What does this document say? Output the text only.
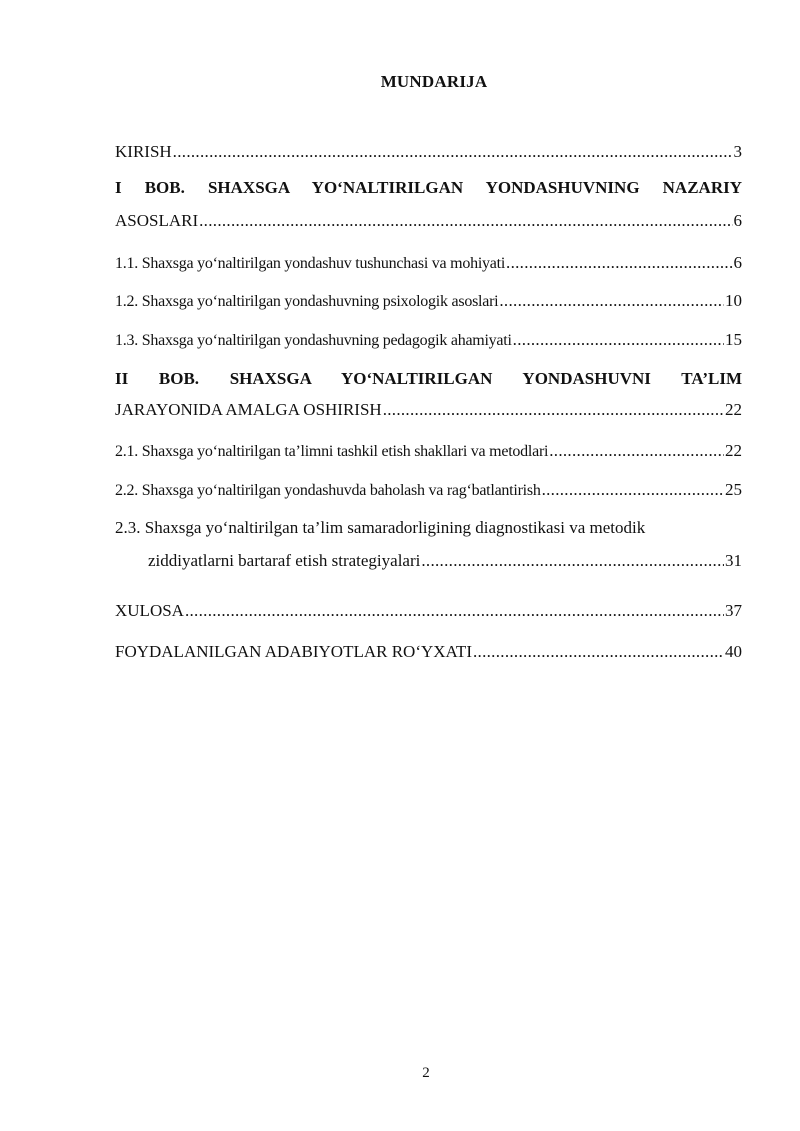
MUNDARIJA
KIRISH .....	3
I BOB. SHAXSGA YO‘NALTIRILGAN YONDASHUVNING NAZARIY
ASOSLARI .....	6
1.1. Shaxsga yo‘naltirilgan yondashuv tushunchasi va mohiyati .....	6
1.2. Shaxsga yo‘naltirilgan yondashuvning psixologik asoslari .....	10
1.3. Shaxsga yo‘naltirilgan yondashuvning pedagogik ahamiyati .....	15
II BOB. SHAXSGA YO‘NALTIRILGAN YONDASHUVNI TA’LIM
JARAYONIDA AMALGA OSHIRISH .....	22
2.1. Shaxsga yo‘naltirilgan ta’limni tashkil etish shakllari va metodlari .....	22
2.2. Shaxsga yo‘naltirilgan yondashuvda baholash va rag‘batlantirish .....	25
2.3. Shaxsga yo‘naltirilgan ta’lim samaradorligining diagnostikasi va metodik
ziddiyatlarni bartaraf etish strategiyalari .....	31
XULOSA .....	37
FOYDALANILGAN ADABIYOTLAR RO‘YXATI .....	40
2
